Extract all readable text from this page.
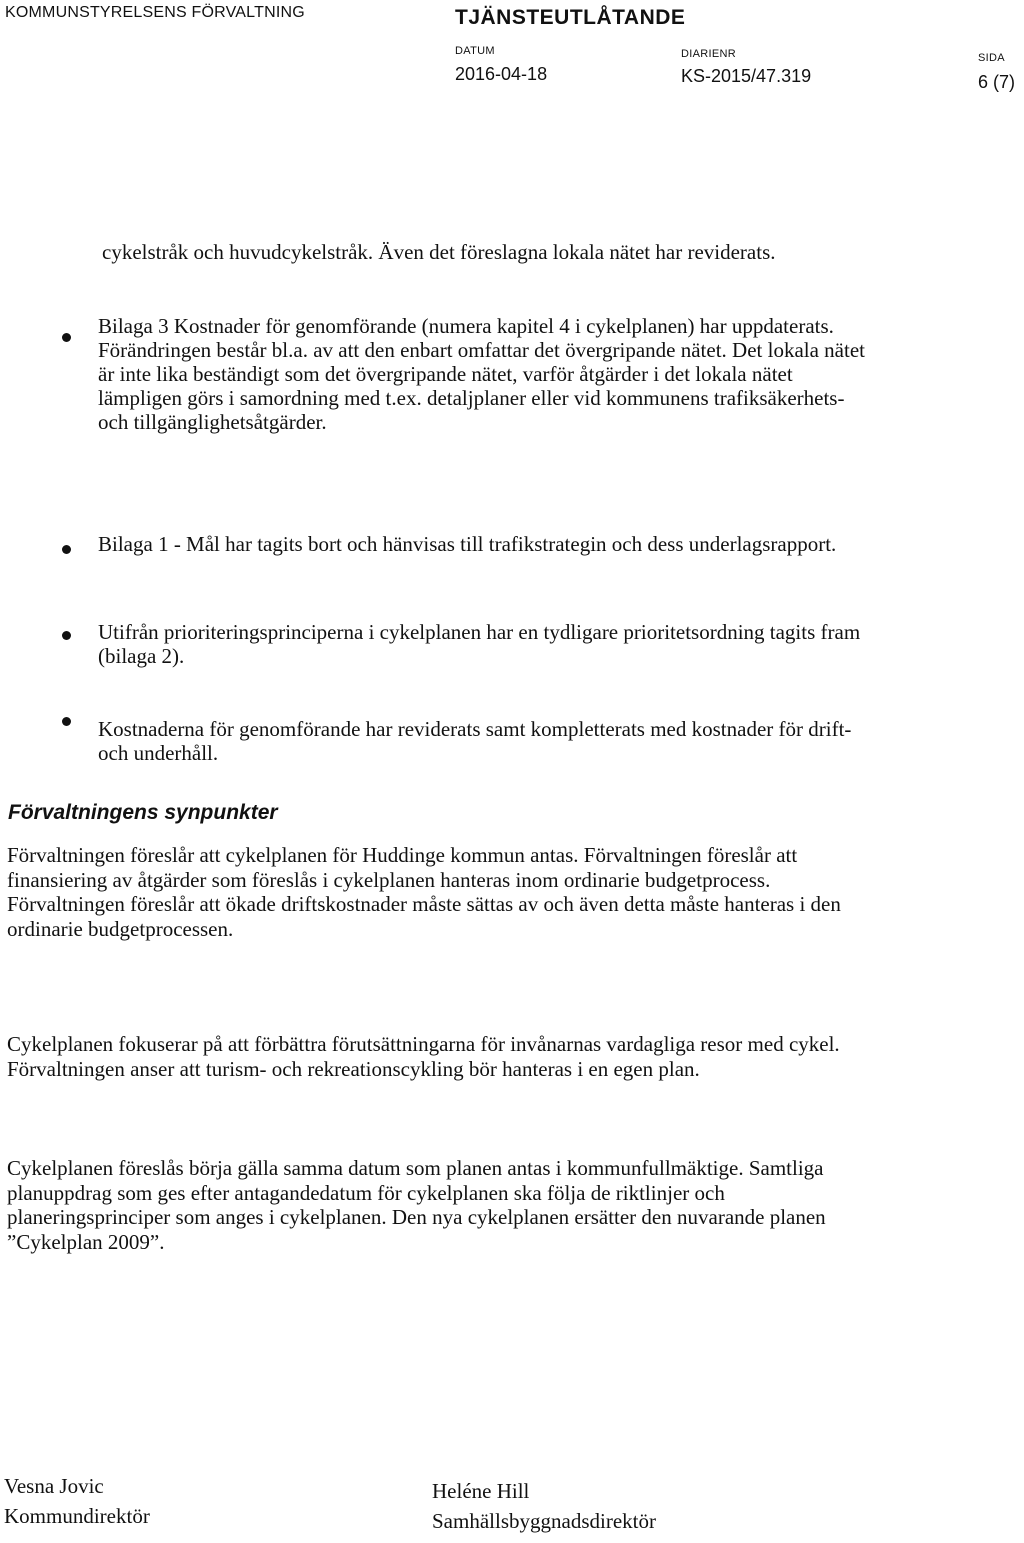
KOMMUNSTYRELSENS FÖRVALTNING	TJÄNSTEUTLÅTANDE
DATUM
2016-04-18
DIARIENR
KS-2015/47.319
SIDA
6 (7)
cykelstråk och huvudcykelstråk. Även det föreslagna lokala nätet har reviderats.
Bilaga 3 Kostnader för genomförande (numera kapitel 4 i cykelplanen) har uppdaterats. Förändringen består bl.a. av att den enbart omfattar det övergripande nätet. Det lokala nätet är inte lika beständigt som det övergripande nätet, varför åtgärder i det lokala nätet lämpligen görs i samordning med t.ex. detaljplaner eller vid kommunens trafiksäkerhets- och tillgänglighetsåtgärder.
Bilaga 1 - Mål har tagits bort och hänvisas till trafikstrategin och dess underlagsrapport.
Utifrån prioriteringsprinciperna i cykelplanen har en tydligare prioritetsordning tagits fram (bilaga 2).
Kostnaderna för genomförande har reviderats samt kompletterats med kostnader för drift- och underhåll.
Förvaltningens synpunkter
Förvaltningen föreslår att cykelplanen för Huddinge kommun antas. Förvaltningen föreslår att finansiering av åtgärder som föreslås i cykelplanen hanteras inom ordinarie budgetprocess. Förvaltningen föreslår att ökade driftskostnader måste sättas av och även detta måste hanteras i den ordinarie budgetprocessen.
Cykelplanen fokuserar på att förbättra förutsättningarna för invånarnas vardagliga resor med cykel. Förvaltningen anser att turism- och rekreationscykling bör hanteras i en egen plan.
Cykelplanen föreslås börja gälla samma datum som planen antas i kommunfullmäktige. Samtliga planuppdrag som ges efter antagandedatum för cykelplanen ska följa de riktlinjer och planeringsprinciper som anges i cykelplanen. Den nya cykelplanen ersätter den nuvarande planen ”Cykelplan 2009”.
Vesna Jovic
Kommundirektör
Heléne Hill
Samhällsbyggnadsdirektör
